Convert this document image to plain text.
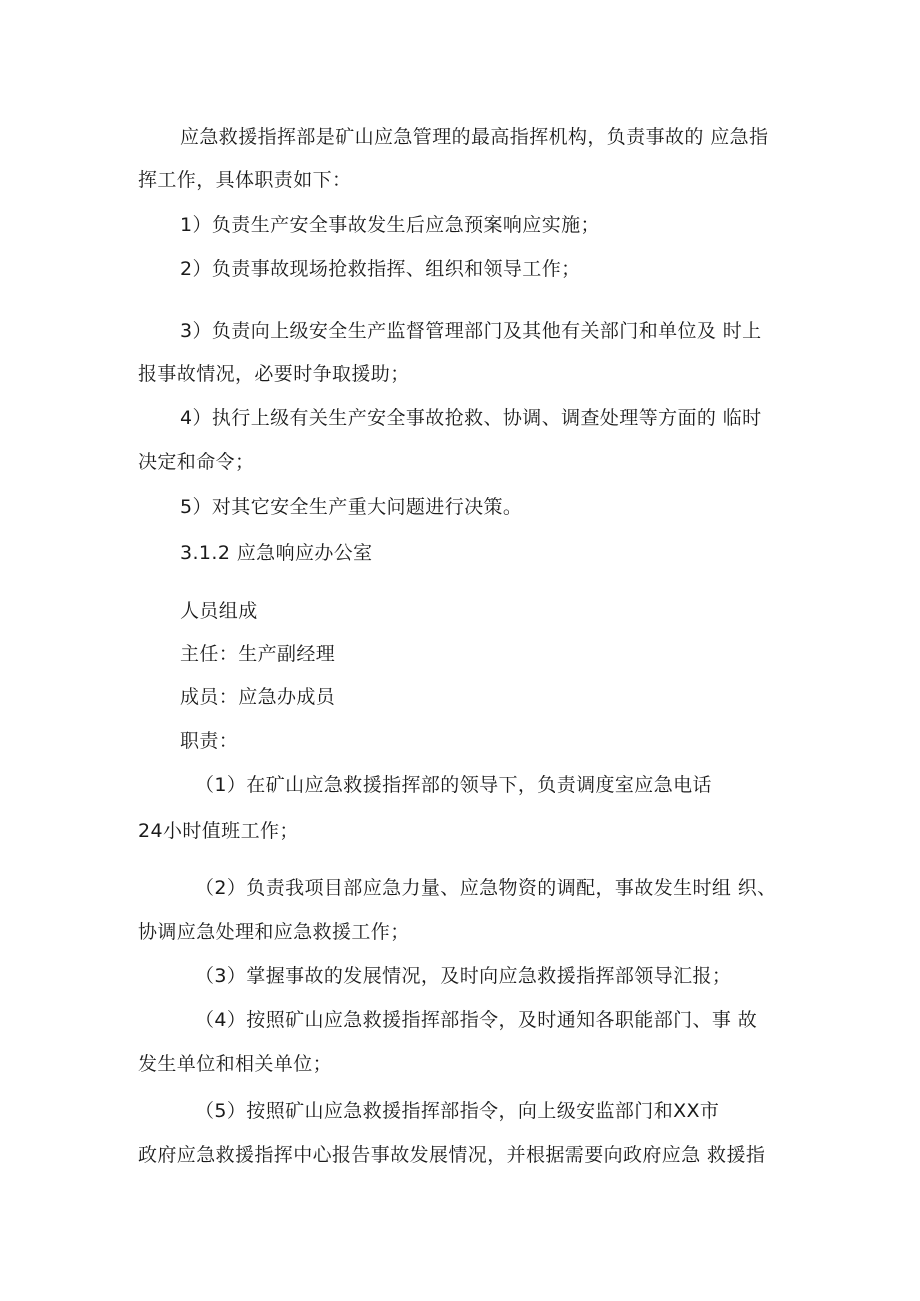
应急救援指挥部是矿山应急管理的最高指挥机构，负责事故的 应急指
挥工作，具体职责如下：
1）负责生产安全事故发生后应急预案响应实施；
2）负责事故现场抢救指挥、组织和领导工作；
3）负责向上级安全生产监督管理部门及其他有关部门和单位及 时上
报事故情况，必要时争取援助；
4）执行上级有关生产安全事故抢救、协调、调查处理等方面的 临时
决定和命令；
5）对其它安全生产重大问题进行决策。
3.1.2 应急响应办公室
人员组成
主任：生产副经理
成员：应急办成员
职责：
（1）在矿山应急救援指挥部的领导下，负责调度室应急电话
24小时值班工作；
（2）负责我项目部应急力量、应急物资的调配，事故发生时组 织、
协调应急处理和应急救援工作；
（3）掌握事故的发展情况，及时向应急救援指挥部领导汇报；
（4）按照矿山应急救援指挥部指令，及时通知各职能部门、事 故
发生单位和相关单位；
（5）按照矿山应急救援指挥部指令，向上级安监部门和XX市
政府应急救援指挥中心报告事故发展情况，并根据需要向政府应急 救援指
